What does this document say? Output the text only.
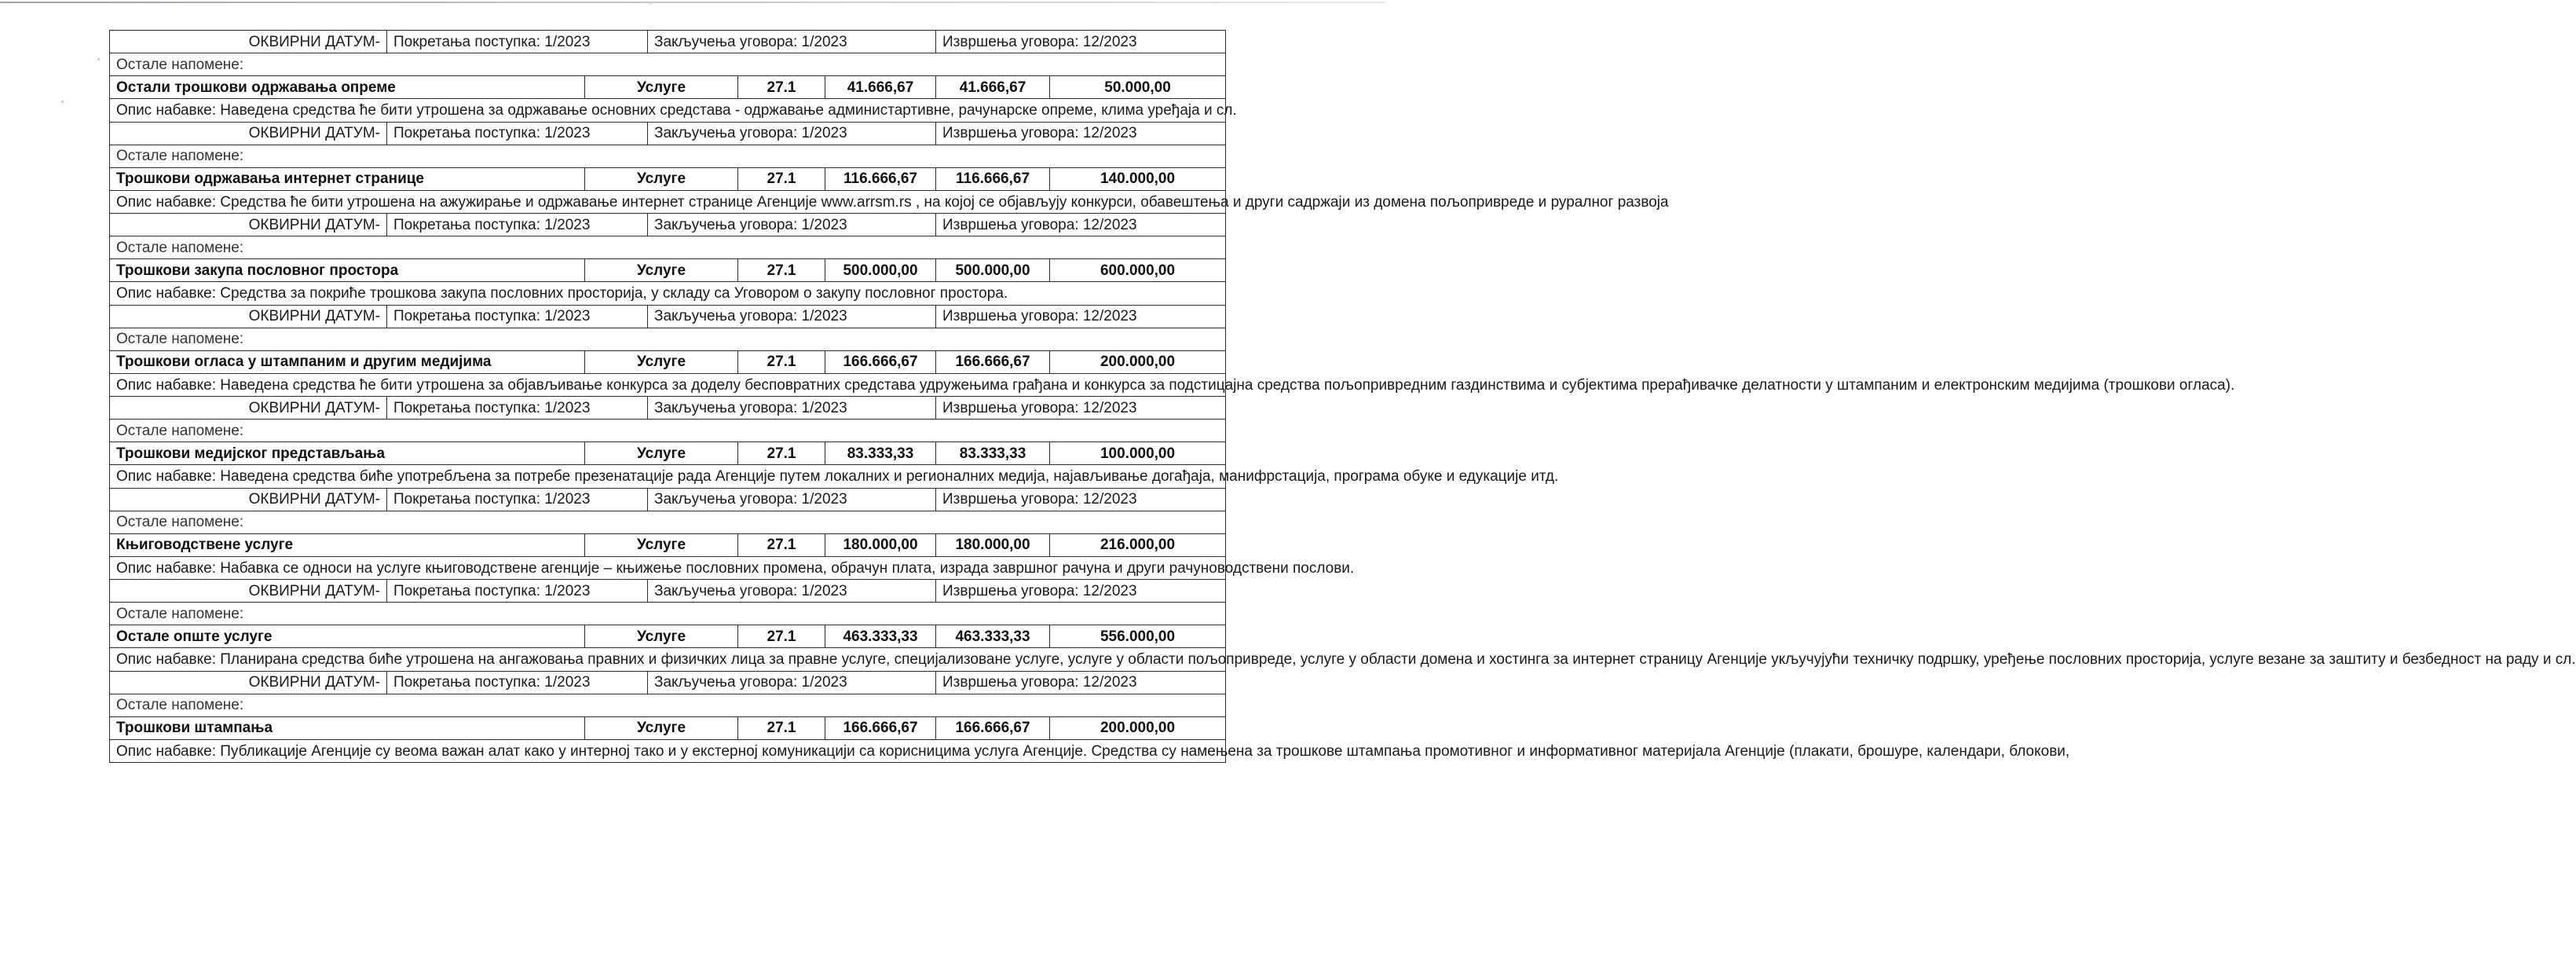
~
ОКВИРНИ ДАТУМ-	Покретања поступка: 1/2023		Закључења уговора: 1/2023			Извршења уговора: 12/2023	
Остале напомене:							
Остали трошкови одржавања опреме		Услуге		27.1	41.666,67	41.666,67	50.000,00
Опис набавке: Наведена средства ће бити утрошена за одржавање основних средстава - одржавање администартивне, рачунарске опреме, клима уређаја и сл.							
ОКВИРНИ ДАТУМ-	Покретања поступка: 1/2023		Закључења уговора: 1/2023			Извршења уговора: 12/2023	
Остале напомене:							
Трошкови одржавања интернет странице		Услуге		27.1	116.666,67	116.666,67	140.000,00
Опис набавке: Средства ће бити утрошена на ажужирање и одржавање интернет странице Агенције www.arrsm.rs , на којој се објављују конкурси, обавештења и други садржаји из домена пољопривреде и руралног развоја							
ОКВИРНИ ДАТУМ-	Покретања поступка: 1/2023		Закључења уговора: 1/2023			Извршења уговора: 12/2023	
Остале напомене:							
Трошкови закупа пословног простора		Услуге		27.1	500.000,00	500.000,00	600.000,00
Опис набавке: Средства за покриће трошкова закупа пословних просторија, у складу са Уговором о закупу пословног простора.							
ОКВИРНИ ДАТУМ-	Покретања поступка: 1/2023		Закључења уговора: 1/2023			Извршења уговора: 12/2023	
Остале напомене:							
Трошкови огласа у штампаним и другим медијима		Услуге		27.1	166.666,67	166.666,67	200.000,00
Опис набавке: Наведена средства ће бити утрошена за објављивање конкурса за доделу бесповратних средстава удружењима грађана и конкурса за подстицајна средства пољопривредним газдинствима и субјектима прерађивачке делатности у штампаним и електронским медијима (трошкови огласа).							
ОКВИРНИ ДАТУМ-	Покретања поступка: 1/2023		Закључења уговора: 1/2023			Извршења уговора: 12/2023	
Остале напомене:							
Трошкови медијског представљања		Услуге		27.1	83.333,33	83.333,33	100.000,00
Опис набавке: Наведена средства биће употребљена за потребе презенатације рада Агенције путем локалних и регионалних медија, најављивање догађаја, манифрстација, програма обуке и едукације итд.							
ОКВИРНИ ДАТУМ-	Покретања поступка: 1/2023		Закључења уговора: 1/2023			Извршења уговора: 12/2023	
Остале напомене:							
Књиговодствене услуге		Услуге		27.1	180.000,00	180.000,00	216.000,00
Опис набавке: Набавка се односи на услуге књиговодствене агенције – књижење пословних промена, обрачун плата, израда завршног рачуна и други рачуноводствени послови.							
ОКВИРНИ ДАТУМ-	Покретања поступка: 1/2023		Закључења уговора: 1/2023			Извршења уговора: 12/2023	
Остале напомене:							
Остале опште услуге		Услуге		27.1	463.333,33	463.333,33	556.000,00
Опис набавке: Планирана средства биће утрошена на ангажовања правних и физичких лица за правне услуге, специјализоване услуге, услуге у области пољопривреде, услуге у области домена и хостинга за интернет страницу Агенције укључујући техничку подршку, уређење пословних просторија, услуге везане за заштиту и безбедност на раду и сл.							
ОКВИРНИ ДАТУМ-	Покретања поступка: 1/2023		Закључења уговора: 1/2023			Извршења уговора: 12/2023	
Остале напомене:							
Трошкови штампања		Услуге		27.1	166.666,67	166.666,67	200.000,00
Опис набавке: Публикације Агенције су веома важан алат како у интерној тако и у екстерној комуникацији са корисницима услуга Агенције. Средства су намењена за трошкове штампања промотивног и информативног материјала Агенције (плакати, брошуре, календари, блокови,							
